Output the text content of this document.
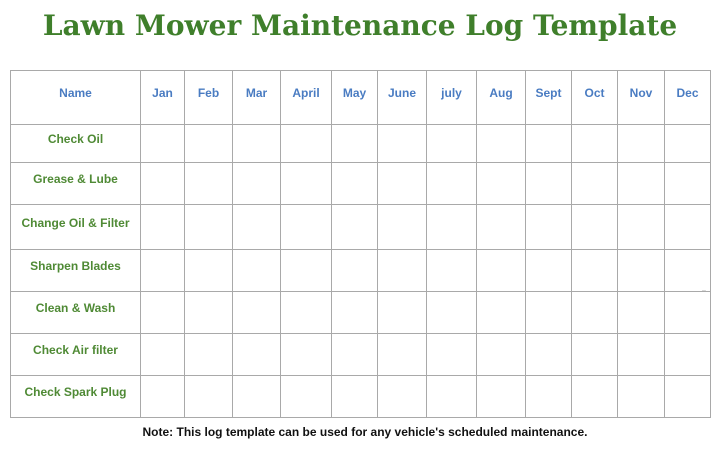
Lawn Mower Maintenance Log Template
Name	Jan	Feb	Mar	April	May	June	july	Aug	Sept	Oct	Nov	Dec
Check Oil												
Grease & Lube												
Change Oil & Filter												
Sharpen Blades												
Clean & Wash												
Check Air filter												
Check Spark Plug												
–

Note: This log template can be used for any vehicle's scheduled maintenance.
